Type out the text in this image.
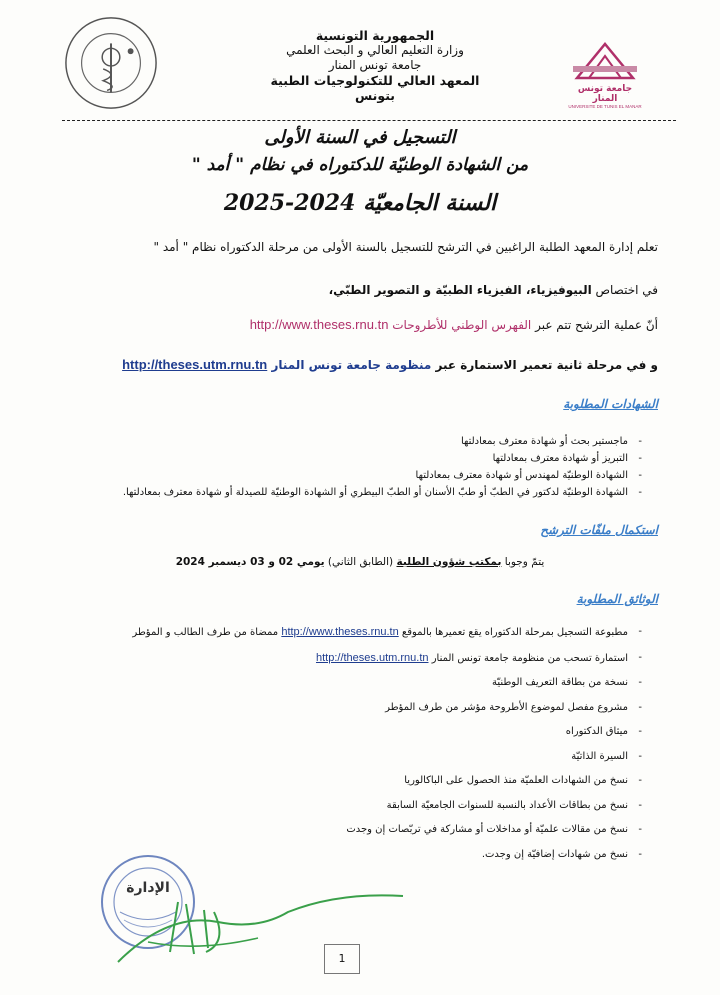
الجمهورية التونسية
وزارة التعليم العالي و البحث العلمي
جامعة تونس المنار
المعهد العالي للتكنولوجيات الطبية بتونس	جامعة تونس المنار
UNIVERSITE DE TUNIS EL MANAR
التسجيل في السنة الأولى
من الشهادة الوطنيّة للدكتوراه في نظام " أمد "
السنة الجامعيّة 2024-2025
تعلم إدارة المعهد الطلبة الراغبين في الترشح للتسجيل بالسنة الأولى من مرحلة الدكتوراه نظام " أمد "
في اختصاص البيوفيزياء، الفيزياء الطبيّة و التصوير الطبّي،
أنّ عملية الترشح تتم عبر الفهرس الوطني للأطروحات http://www.theses.rnu.tn
و في مرحلة ثانية تعمير الاستمارة عبر منظومة جامعة تونس المنار http://theses.utm.rnu.tn
الشهادات المطلوبة
- ماجستير بحث أو شهادة معترف بمعادلتها
- التبريز أو شهادة معترف بمعادلتها
- الشهادة الوطنيّة لمهندس أو شهادة معترف بمعادلتها
- الشهادة الوطنيّة لدكتور في الطبّ أو طبّ الأسنان أو الطبّ البيطري أو الشهادة الوطنيّة للصيدلة أو شهادة معترف بمعادلتها.
استكمال ملفّات الترشح
يتمّ وجوبا بمكتب شؤون الطلبة (الطابق الثاني) يومي 02 و 03 ديسمبر 2024
الوثائق المطلوبة
- مطبوعة التسجيل بمرحلة الدكتوراه يقع تعميرها بالموقع http://www.theses.rnu.tn ممضاة من طرف الطالب و المؤطر
- استمارة تسحب من منظومة جامعة تونس المنار http://theses.utm.rnu.tn
- نسخة من بطاقة التعريف الوطنيّة
- مشروع مفصل لموضوع الأطروحة مؤشر من طرف المؤطر
- ميثاق الدكتوراه
- السيرة الذاتيّة
- نسخ من الشهادات العلميّة منذ الحصول على الباكالوريا
- نسخ من بطاقات الأعداد بالنسبة للسنوات الجامعيّة السابقة
- نسخ من مقالات علميّة أو مداخلات أو مشاركة في تربّصات إن وجدت
- نسخ من شهادات إضافيّة إن وجدت.
الإدارة
1
